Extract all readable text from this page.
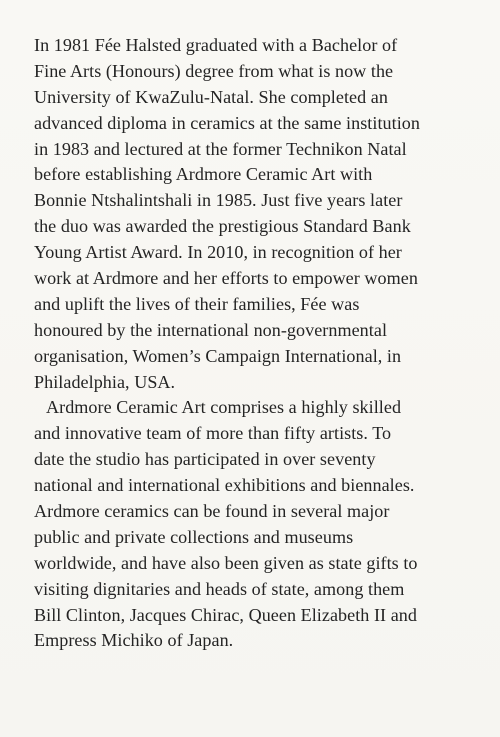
In 1981 Fée Halsted graduated with a Bachelor of
Fine Arts (Honours) degree from what is now the
University of KwaZulu-Natal. She completed an
advanced diploma in ceramics at the same institution
in 1983 and lectured at the former Technikon Natal
before establishing Ardmore Ceramic Art with
Bonnie Ntshalintshali in 1985. Just five years later
the duo was awarded the prestigious Standard Bank
Young Artist Award. In 2010, in recognition of her
work at Ardmore and her efforts to empower women
and uplift the lives of their families, Fée was
honoured by the international non-governmental
organisation, Women’s Campaign International, in
Philadelphia, USA.
Ardmore Ceramic Art comprises a highly skilled
and innovative team of more than fifty artists. To
date the studio has participated in over seventy
national and international exhibitions and biennales.
Ardmore ceramics can be found in several major
public and private collections and museums
worldwide, and have also been given as state gifts to
visiting dignitaries and heads of state, among them
Bill Clinton, Jacques Chirac, Queen Elizabeth II and
Empress Michiko of Japan.
